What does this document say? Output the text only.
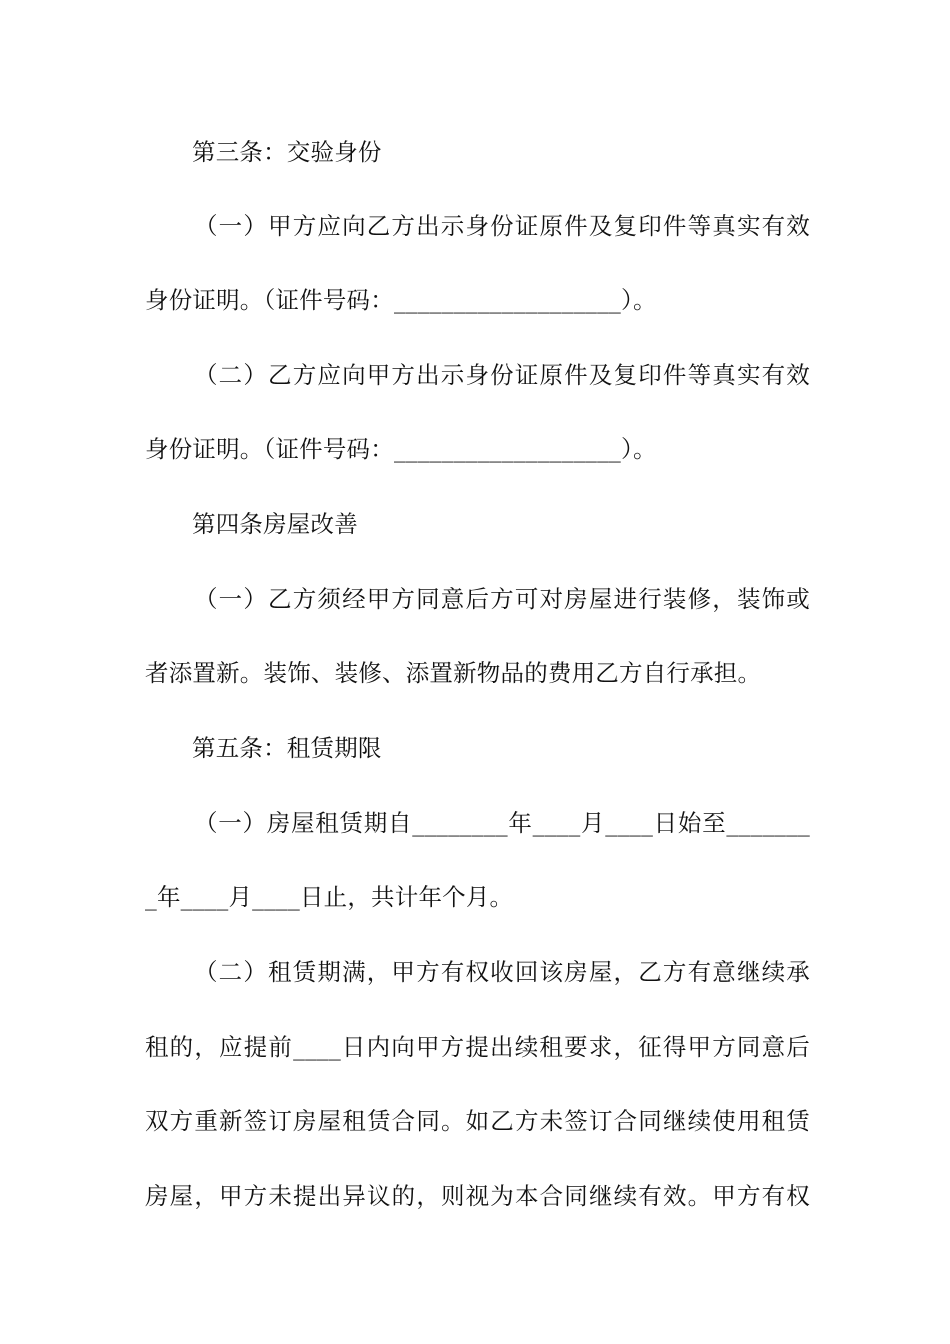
第三条：交验身份
（一）甲方应向乙方出示身份证原件及复印件等真实有效
身份证明。（证件号码：___________________）。
（二）乙方应向甲方出示身份证原件及复印件等真实有效
身份证明。（证件号码：___________________）。
第四条房屋改善
（一）乙方须经甲方同意后方可对房屋进行装修，装饰或
者添置新。装饰、装修、添置新物品的费用乙方自行承担。
第五条：租赁期限
（一）房屋租赁期自________年____月____日始至_______
_年____月____日止，共计年个月。
（二）租赁期满，甲方有权收回该房屋，乙方有意继续承
租的，应提前____日内向甲方提出续租要求，征得甲方同意后
双方重新签订房屋租赁合同。如乙方未签订合同继续使用租赁
房屋，甲方未提出异议的，则视为本合同继续有效。甲方有权
